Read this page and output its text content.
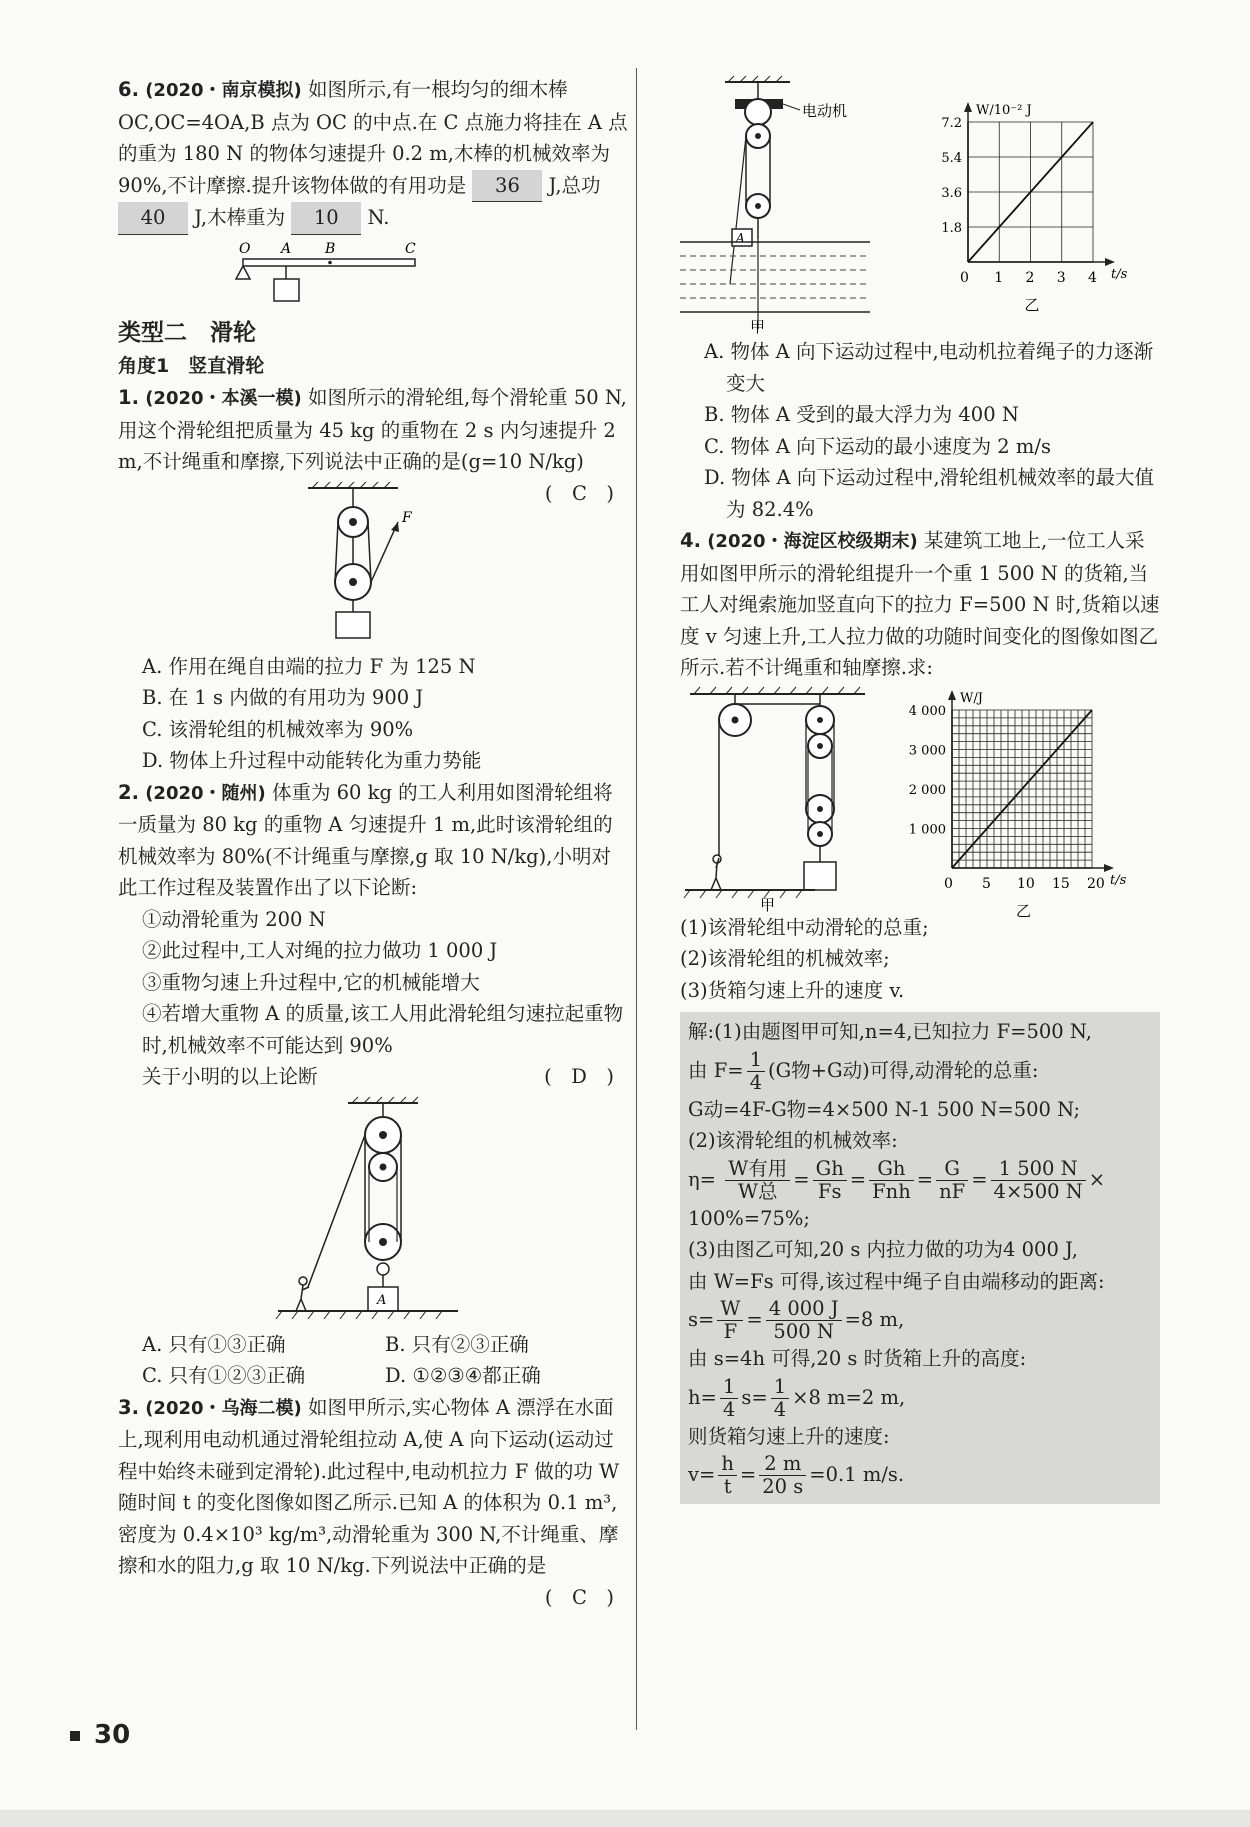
6. (2020・南京模拟) 如图所示,有一根均匀的细木棒 OC,OC=4OA,B 点为 OC 的中点.在 C 点施力将挂在 A 点的重为 180 N 的物体匀速提升 0.2 m,木棒的机械效率为 90%,不计摩擦.提升该物体做的有用功是 36 J,总功 40 J,木棒重为 10 N.

O A B	C
类型二　滑轮
角度1　竖直滑轮

1. (2020・本溪一模) 如图所示的滑轮组,每个滑轮重 50 N,用这个滑轮组把质量为 45 kg 的重物在 2 s 内匀速提升 2 m,不计绳重和摩擦,下列说法中正确的是(g=10 N/kg)
(　C　)

F

A. 作用在绳自由端的拉力 F 为 125 N

B. 在 1 s 内做的有用功为 900 J

C. 该滑轮组的机械效率为 90%

D. 物体上升过程中动能转化为重力势能

2. (2020・随州) 体重为 60 kg 的工人利用如图滑轮组将一质量为 80 kg 的重物 A 匀速提升 1 m,此时该滑轮组的机械效率为 80%(不计绳重与摩擦,g 取 10 N/kg),小明对此工作过程及装置作出了以下论断:

①动滑轮重为 200 N

②此过程中,工人对绳的拉力做功 1 000 J

③重物匀速上升过程中,它的机械能增大

④若增大重物 A 的质量,该工人用此滑轮组匀速拉起重物时,机械效率不可能达到 90%

关于小明的以上论断	(　D　)

A
A. 只有①③正确	B. 只有②③正确
C. 只有①②③正确	D. ①②③④都正确

3. (2020・乌海二模) 如图甲所示,实心物体 A 漂浮在水面上,现利用电动机通过滑轮组拉动 A,使 A 向下运动(运动过程中始终未碰到定滑轮).此过程中,电动机拉力 F 做的功 W 随时间 t 的变化图像如图乙所示.已知 A 的体积为 0.1 m³,密度为 0.4×10³ kg/m³,动滑轮重为 300 N,不计绳重、摩擦和水的阻力,g 取 10 N/kg.下列说法中正确的是

(　C　)

电动机
A
甲
0 1 2 3 4
1.8
3.6
5.4
7.2
t/s
W/10⁻² J
乙

A. 物体 A 向下运动过程中,电动机拉着绳子的力逐渐变大

B. 物体 A 受到的最大浮力为 400 N

C. 物体 A 向下运动的最小速度为 2 m/s

D. 物体 A 向下运动过程中,滑轮组机械效率的最大值为 82.4%

4. (2020・海淀区校级期末) 某建筑工地上,一位工人采用如图甲所示的滑轮组提升一个重 1 500 N 的货箱,当工人对绳索施加竖直向下的拉力 F=500 N 时,货箱以速度 v 匀速上升,工人拉力做的功随时间变化的图像如图乙所示.若不计绳重和轴摩擦.求:

甲
0 5 10 15 20
1 000
2 000
3 000
4 000
t/s
W/J
乙

(1)该滑轮组中动滑轮的总重;

(2)该滑轮组的机械效率;

(3)货箱匀速上升的速度 v.

解:(1)由题图甲可知,n=4,已知拉力 F=500 N,

由 $F= \frac{1}{4} (G$物+G动)可得,动滑轮的总重:

G动=4F-G物=4×500 N-1 500 N=500 N;

(2)该滑轮组的机械效率:

$\eta= \frac{\text{W有用}}{\text{W总}} = \frac{Gh}{Fs} = \frac{Gh}{\text{Fnh}} = \frac{G}{nF} = \frac{1 500 N}{4\times 500 N}$ ×

100%=75%;

(3)由图乙可知,20 s 内拉力做的功为4 000 J,

由 W=Fs 可得,该过程中绳子自由端移动的距离:

$s= \frac{W}{F} = \frac{4 000 J}{500 N} =8$ m,

由 s=4h 可得,20 s 时货箱上升的高度:

$h= \frac{1}{4} s= \frac{1}{4} \times 8$ m=2 m,

则货箱匀速上升的速度:

$v= \frac{h}{t} = \frac{2 m}{20 s} =0.1$ m/s.

30
